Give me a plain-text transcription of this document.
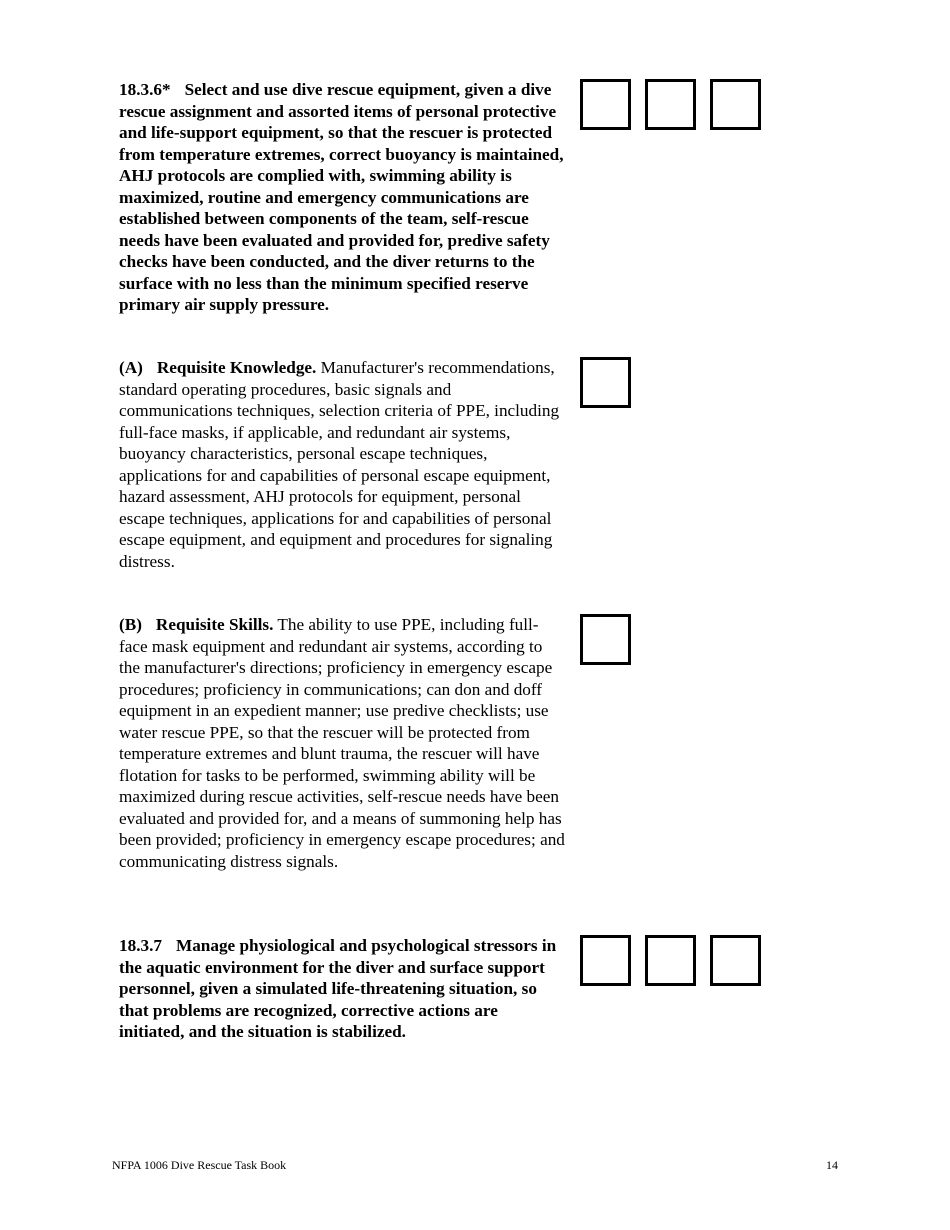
18.3.6* Select and use dive rescue equipment, given a dive rescue assignment and assorted items of personal protective and life-support equipment, so that the rescuer is protected from temperature extremes, correct buoyancy is maintained, AHJ protocols are complied with, swimming ability is maximized, routine and emergency communications are established between components of the team, self-rescue needs have been evaluated and provided for, predive safety checks have been conducted, and the diver returns to the surface with no less than the minimum specified reserve primary air supply pressure.

(A) Requisite Knowledge. Manufacturer's recommendations, standard operating procedures, basic signals and communications techniques, selection criteria of PPE, including full-face masks, if applicable, and redundant air systems, buoyancy characteristics, personal escape techniques, applications for and capabilities of personal escape equipment, hazard assessment, AHJ protocols for equipment, personal escape techniques, applications for and capabilities of personal escape equipment, and equipment and procedures for signaling distress.

(B) Requisite Skills. The ability to use PPE, including full-face mask equipment and redundant air systems, according to the manufacturer's directions; proficiency in emergency escape procedures; proficiency in communications; can don and doff equipment in an expedient manner; use predive checklists; use water rescue PPE, so that the rescuer will be protected from temperature extremes and blunt trauma, the rescuer will have flotation for tasks to be performed, swimming ability will be maximized during rescue activities, self-rescue needs have been evaluated and provided for, and a means of summoning help has been provided; proficiency in emergency escape procedures; and communicating distress signals.

18.3.7 Manage physiological and psychological stressors in the aquatic environment for the diver and surface support personnel, given a simulated life-threatening situation, so that problems are recognized, corrective actions are initiated, and the situation is stabilized.

NFPA 1006 Dive Rescue Task Book	14
